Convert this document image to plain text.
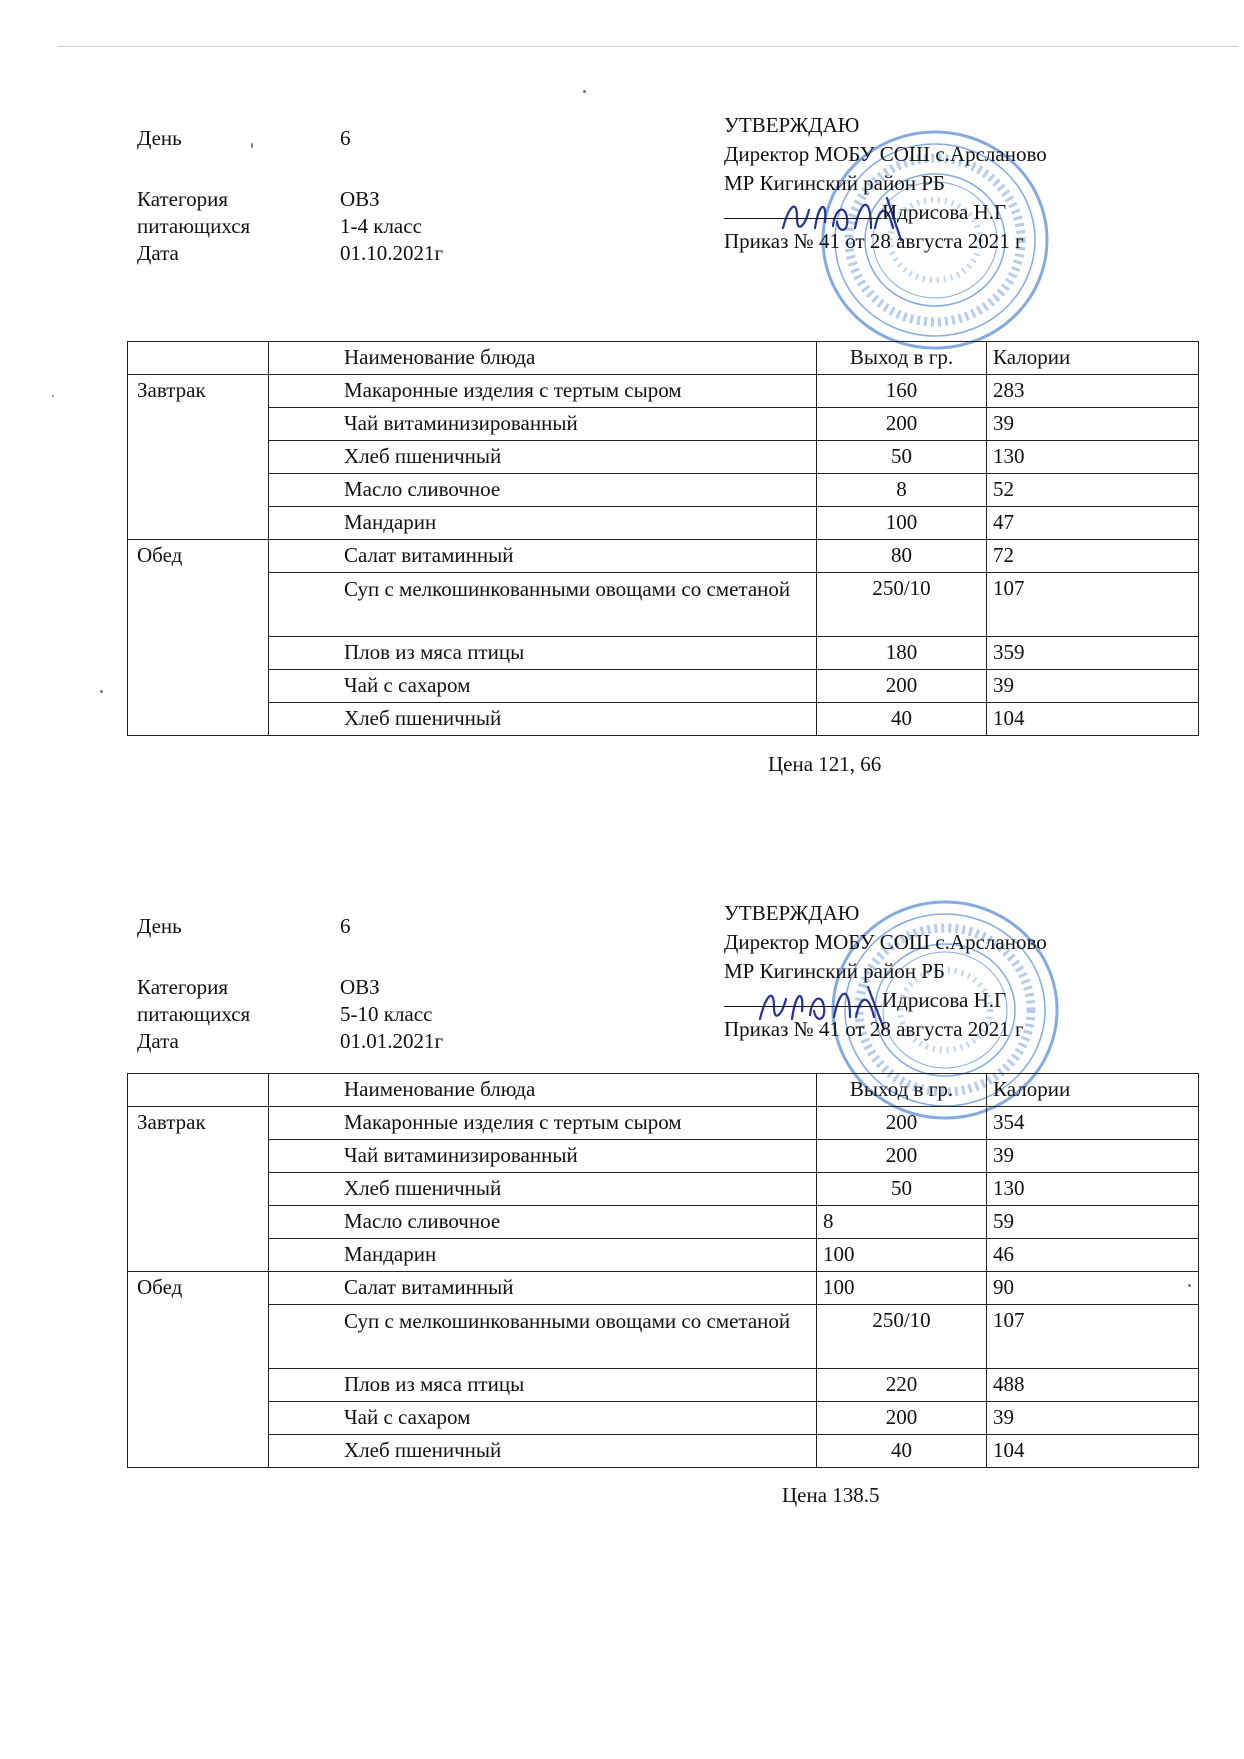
День	6
Категория	ОВЗ
питающихся	1-4 класс
Дата	01.10.2021г
УТВЕРЖДАЮ
Директор МОБУ СОШ с.Арсланово
МР Кигинский район РБ
Идрисова Н.Г
Приказ № 41 от 28 августа 2021 г
	Наименование блюда	Выход в гр.	Калории
Завтрак	Макаронные изделия с тертым сыром	160	283
	Чай витаминизированный	200	39
	Хлеб пшеничный	50	130
	Масло сливочное	8	52
	Мандарин	100	47
Обед	Салат витаминный	80	72
	Суп с мелкошинкованными овощами со сметаной	250/10	107
	Плов из мяса птицы	180	359
	Чай с сахаром	200	39
	Хлеб пшеничный	40	104
Цена 121, 66
День	6
Категория	ОВЗ
питающихся	5-10 класс
Дата	01.01.2021г
УТВЕРЖДАЮ
Директор МОБУ СОШ с.Арсланово
МР Кигинский район РБ
Идрисова Н.Г
Приказ № 41 от 28 августа 2021 г
	Наименование блюда	Выход в гр.	Калории
Завтрак	Макаронные изделия с тертым сыром	200	354
	Чай витаминизированный	200	39
	Хлеб пшеничный	50	130
	Масло сливочное	8	59
	Мандарин	100	46
Обед	Салат витаминный	100	90
	Суп с мелкошинкованными овощами со сметаной	250/10	107
	Плов из мяса птицы	220	488
	Чай с сахаром	200	39
	Хлеб пшеничный	40	104
Цена 138.5
